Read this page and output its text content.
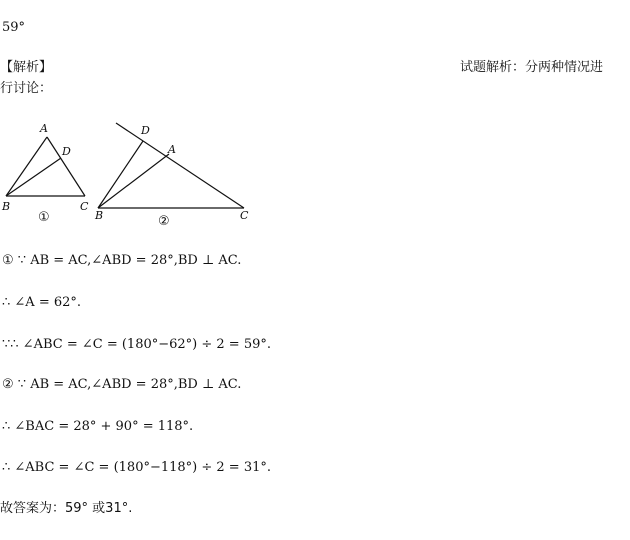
59°
【解析】	试题解析：分两种情况进
行讨论：
A
D
B	C
①
D
A
B	C
②
① ∵ AB = AC,∠ABD = 28°,BD ⊥ AC.
∴ ∠A = 62°.
∵∴ ∠ABC = ∠C = (180°−62°) ÷ 2 = 59°.
② ∵ AB = AC,∠ABD = 28°,BD ⊥ AC.
∴ ∠BAC = 28° + 90° = 118°.
∴ ∠ABC = ∠C = (180°−118°) ÷ 2 = 31°.
故答案为：59° 或31°.
